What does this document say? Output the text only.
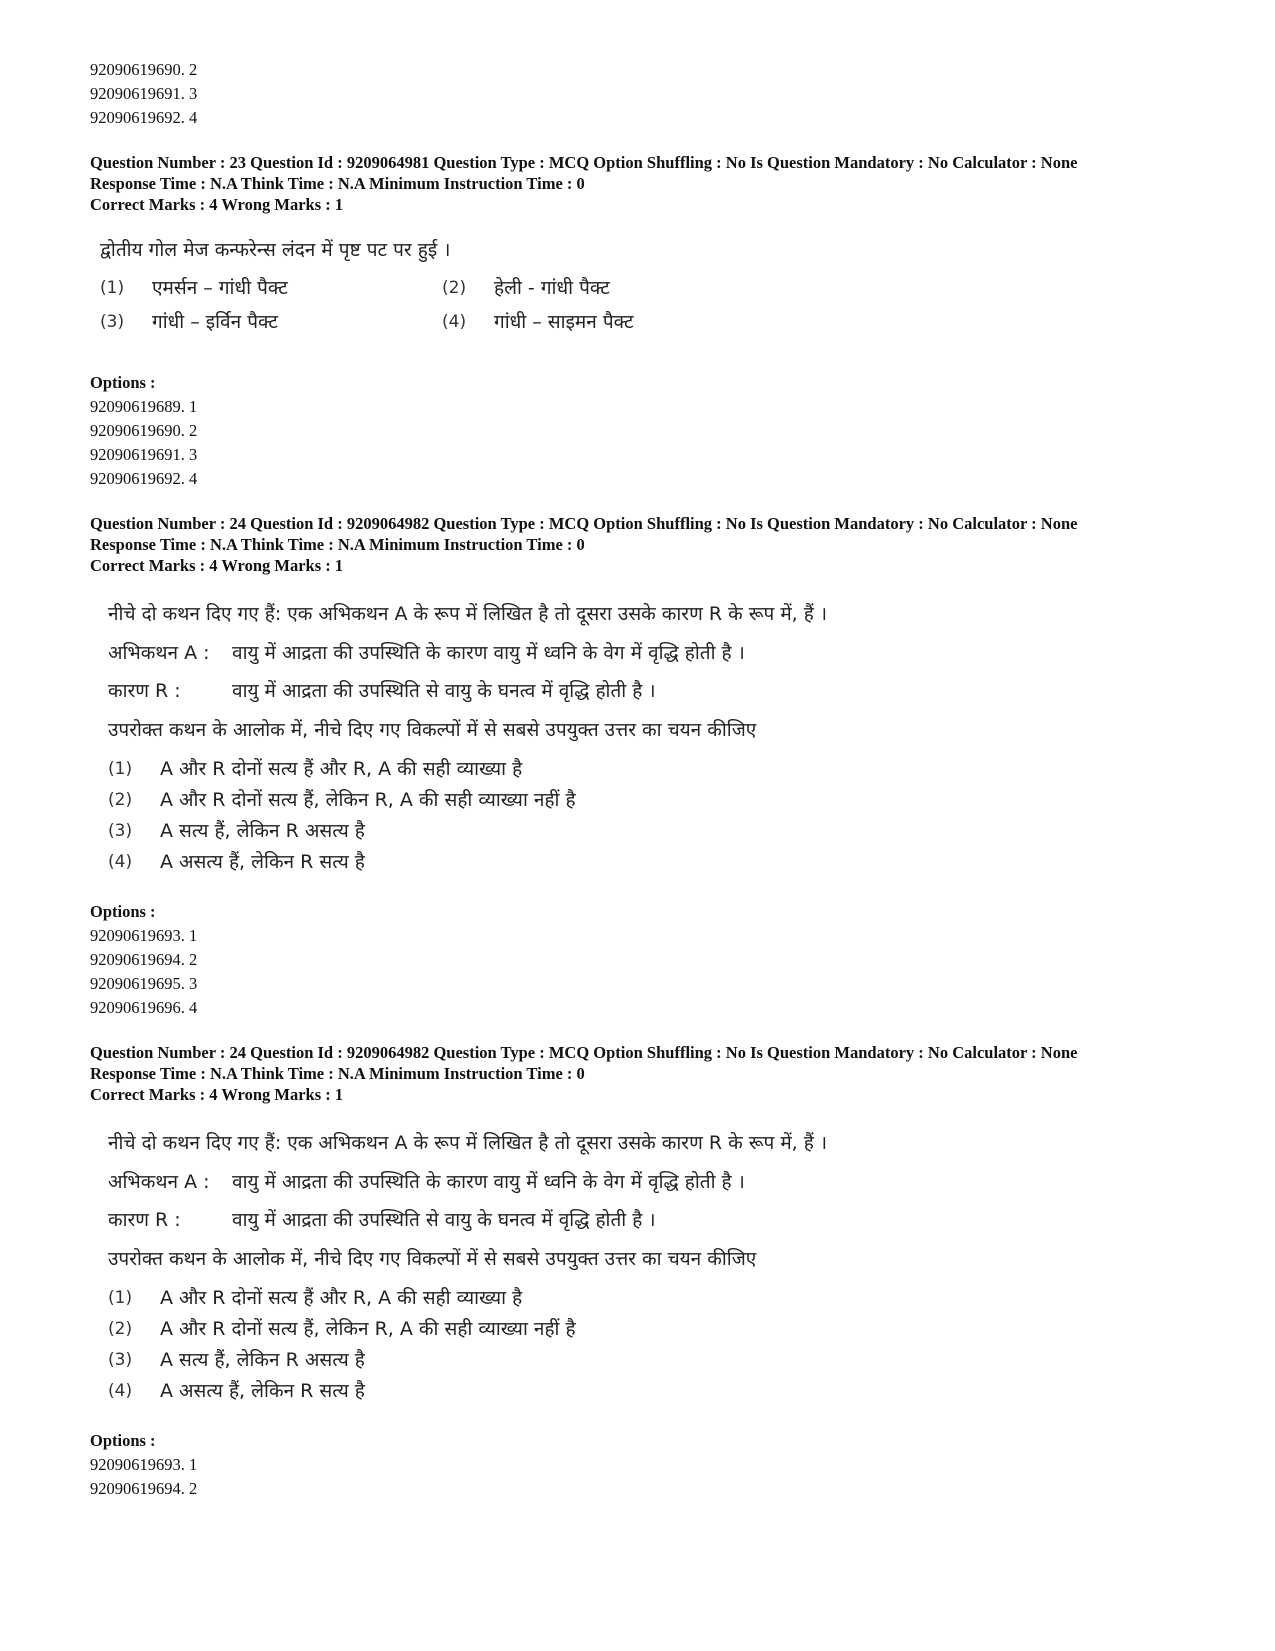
92090619690. 2

92090619691. 3

92090619692. 4

Question Number : 23 Question Id : 9209064981 Question Type : MCQ Option Shuffling : No Is Question Mandatory : No Calculator : None

Response Time : N.A Think Time : N.A Minimum Instruction Time : 0

Correct Marks : 4 Wrong Marks : 1

द्वोतीय गोल मेज कन्फरेन्स लंदन में पृष्ट पट पर हुई ।

(1)	एमर्सन – गांधी पैक्ट	(2)	हेली - गांधी पैक्ट
(3)	गांधी – इर्विन पैक्ट	(4)	गांधी – साइमन पैक्ट

Options :

92090619689. 1

92090619690. 2

92090619691. 3

92090619692. 4

Question Number : 24 Question Id : 9209064982 Question Type : MCQ Option Shuffling : No Is Question Mandatory : No Calculator : None

Response Time : N.A Think Time : N.A Minimum Instruction Time : 0

Correct Marks : 4 Wrong Marks : 1

नीचे दो कथन दिए गए हैं: एक अभिकथन A के रूप में लिखित है तो दूसरा उसके कारण R के रूप में, हैं ।

अभिकथन A :	वायु में आद्रता की उपस्थिति के कारण वायु में ध्वनि के वेग में वृद्धि होती है ।
कारण R :	वायु में आद्रता की उपस्थिति से वायु के घनत्व में वृद्धि होती है ।

उपरोक्त कथन के आलोक में, नीचे दिए गए विकल्पों में से सबसे उपयुक्त उत्तर का चयन कीजिए

(1)	A और R दोनों सत्य हैं और R, A की सही व्याख्या है
(2)	A और R दोनों सत्य हैं, लेकिन R, A की सही व्याख्या नहीं है
(3)	A सत्य हैं, लेकिन R असत्य है
(4)	A असत्य हैं, लेकिन R सत्य है

Options :

92090619693. 1

92090619694. 2

92090619695. 3

92090619696. 4

Question Number : 24 Question Id : 9209064982 Question Type : MCQ Option Shuffling : No Is Question Mandatory : No Calculator : None

Response Time : N.A Think Time : N.A Minimum Instruction Time : 0

Correct Marks : 4 Wrong Marks : 1

नीचे दो कथन दिए गए हैं: एक अभिकथन A के रूप में लिखित है तो दूसरा उसके कारण R के रूप में, हैं ।

अभिकथन A :	वायु में आद्रता की उपस्थिति के कारण वायु में ध्वनि के वेग में वृद्धि होती है ।
कारण R :	वायु में आद्रता की उपस्थिति से वायु के घनत्व में वृद्धि होती है ।

उपरोक्त कथन के आलोक में, नीचे दिए गए विकल्पों में से सबसे उपयुक्त उत्तर का चयन कीजिए

(1)	A और R दोनों सत्य हैं और R, A की सही व्याख्या है
(2)	A और R दोनों सत्य हैं, लेकिन R, A की सही व्याख्या नहीं है
(3)	A सत्य हैं, लेकिन R असत्य है
(4)	A असत्य हैं, लेकिन R सत्य है

Options :

92090619693. 1

92090619694. 2
